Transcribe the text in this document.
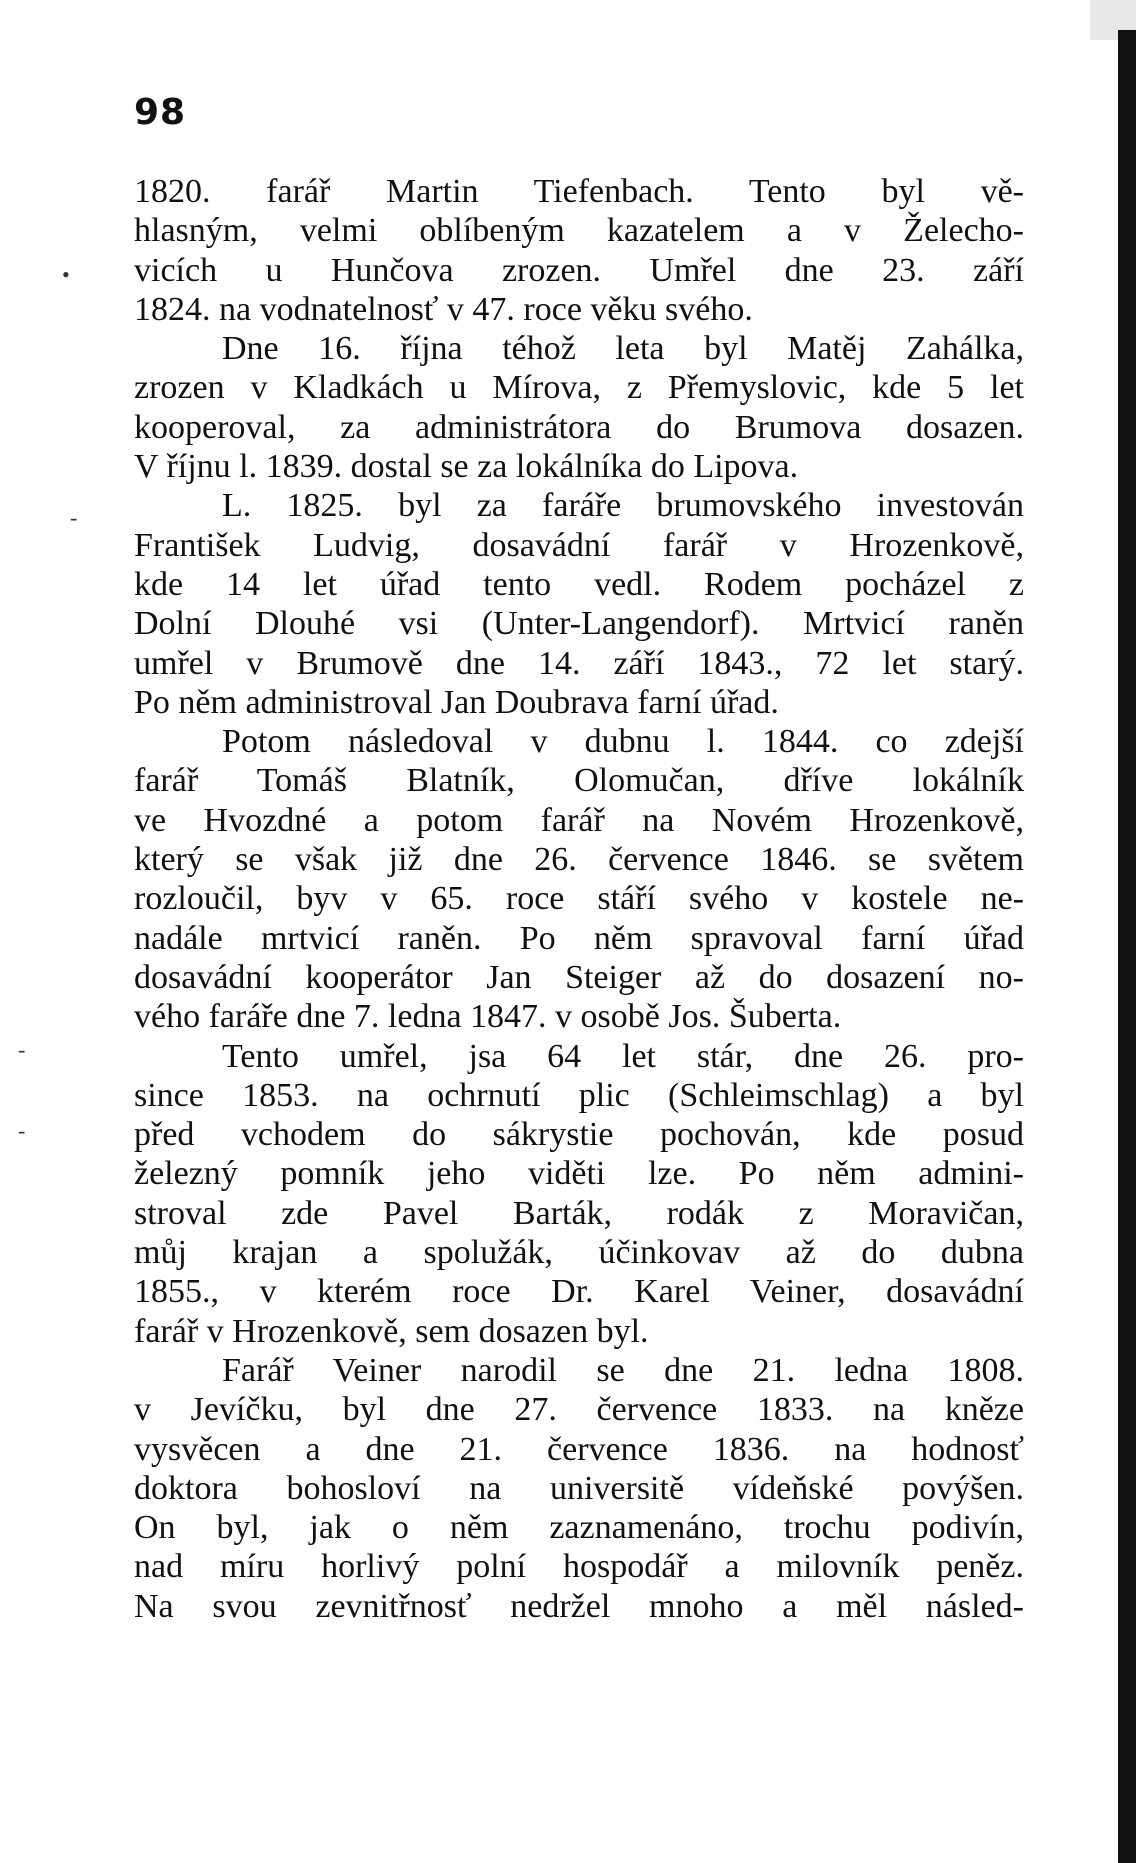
98
•
-
-
-
1820. farář Martin Tiefenbach. Tento byl vě-
hlasným, velmi oblíbeným kazatelem a v Želecho-
vicích u Hunčova zrozen. Umřel dne 23. září
1824. na vodnatelnosť v 47. roce věku svého.
Dne 16. října téhož leta byl Matěj Zahálka,
zrozen v Kladkách u Mírova, z Přemyslovic, kde 5 let
kooperoval, za administrátora do Brumova dosazen.
V říjnu l. 1839. dostal se za lokálníka do Lipova.
L. 1825. byl za faráře brumovského investován
František Ludvig, dosavádní farář v Hrozenkově,
kde 14 let úřad tento vedl. Rodem pocházel z
Dolní Dlouhé vsi (Unter-Langendorf). Mrtvicí raněn
umřel v Brumově dne 14. září 1843., 72 let starý.
Po něm administroval Jan Doubrava farní úřad.
Potom následoval v dubnu l. 1844. co zdejší
farář Tomáš Blatník, Olomučan, dříve lokálník
ve Hvozdné a potom farář na Novém Hrozenkově,
který se však již dne 26. července 1846. se světem
rozloučil, byv v 65. roce stáří svého v kostele ne-
nadále mrtvicí raněn. Po něm spravoval farní úřad
dosavádní kooperátor Jan Steiger až do dosazení no-
vého faráře dne 7. ledna 1847. v osobě Jos. Šuberta.
Tento umřel, jsa 64 let stár, dne 26. pro-
since 1853. na ochrnutí plic (Schleimschlag) a byl
před vchodem do sákrystie pochován, kde posud
železný pomník jeho viděti lze. Po něm admini-
stroval zde Pavel Barták, rodák z Moravičan,
můj krajan a spolužák, účinkovav až do dubna
1855., v kterém roce Dr. Karel Veiner, dosavádní
farář v Hrozenkově, sem dosazen byl.
Farář Veiner narodil se dne 21. ledna 1808.
v Jevíčku, byl dne 27. července 1833. na kněze
vysvěcen a dne 21. července 1836. na hodnosť
doktora bohosloví na universitě vídeňské povýšen.
On byl, jak o něm zaznamenáno, trochu podivín,
nad míru horlivý polní hospodář a milovník peněz.
Na svou zevnitřnosť nedržel mnoho a měl násled-
